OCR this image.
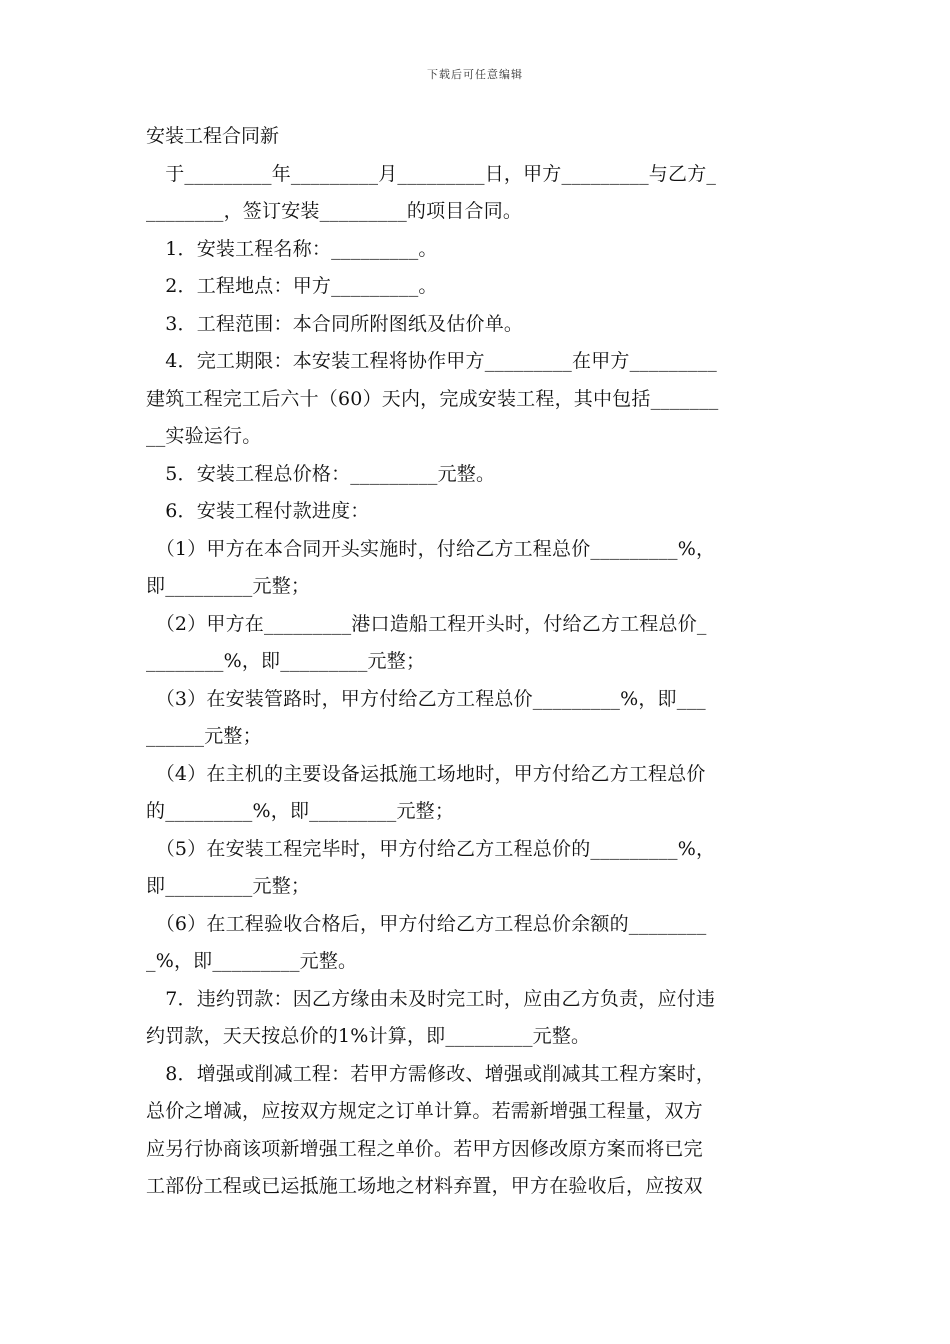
下载后可任意编辑
安装工程合同新

　于_________年_________月_________日，甲方_________与乙方_

________，签订安装_________的项目合同。

　1．安装工程名称：_________。

　2．工程地点：甲方_________。

　3．工程范围：本合同所附图纸及估价单。

　4．完工期限：本安装工程将协作甲方_________在甲方_________

建筑工程完工后六十（60）天内，完成安装工程，其中包括_______

__实验运行。

　5．安装工程总价格：_________元整。

　6．安装工程付款进度：

　（1）甲方在本合同开头实施时，付给乙方工程总价_________%，

即_________元整；

　（2）甲方在_________港口造船工程开头时，付给乙方工程总价_

________%，即_________元整；

　（3）在安装管路时，甲方付给乙方工程总价_________%，即___

______元整；

　（4）在主机的主要设备运抵施工场地时，甲方付给乙方工程总价

的_________%，即_________元整；

　（5）在安装工程完毕时，甲方付给乙方工程总价的_________%，

即_________元整；

　（6）在工程验收合格后，甲方付给乙方工程总价余额的________

_%，即_________元整。

　7．违约罚款：因乙方缘由未及时完工时，应由乙方负责，应付违

约罚款，天天按总价的1%计算，即_________元整。

　8．增强或削减工程：若甲方需修改、增强或削减其工程方案时，

总价之增减，应按双方规定之订单计算。若需新增强工程量，双方

应另行协商该项新增强工程之单价。若甲方因修改原方案而将已完

工部份工程或已运抵施工场地之材料弃置，甲方在验收后，应按双
